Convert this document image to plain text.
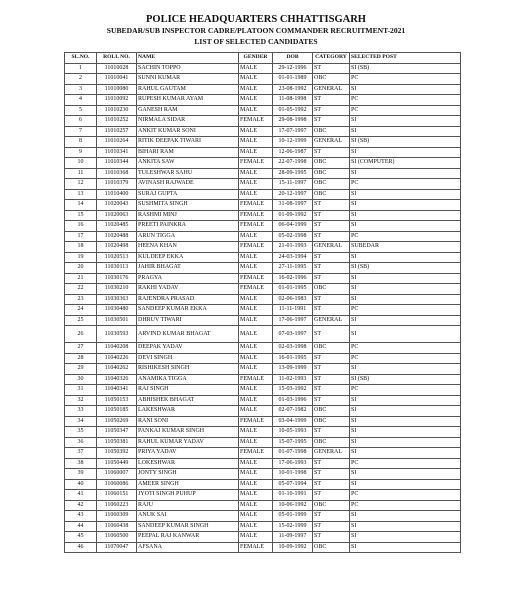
POLICE HEADQUARTERS CHHATTISGARH
SUBEDAR/SUB INSPECTOR CADRE/PLATOON COMMANDER RECRUITMENT-2021
LIST OF SELECTED CANDIDATES
SL.NO.	ROLL NO.	NAME	GENDER	DOB	CATEGORY	SELECTED POST
1	11010028	SACHIN TOPPO	MALE	29-12-1996	ST	SI (SB)
2	11010041	SUNNI KUMAR	MALE	01-01-1989	OBC	PC
3	11010080	RAHUL GAUTAM	MALE	23-08-1992	GENERAL	SI
4	11010092	RUPESH KUMAR AYAM	MALE	11-08-1998	ST	PC
5	11010230	GANESH RAM	MALE	01-05-1992	ST	PC
6	11010252	NIRMALA SIDAR	FEMALE	29-08-1998	ST	SI
7	11010257	ANKIT KUMAR SONI	MALE	17-07-1997	OBC	SI
8	11010264	RITIK DEEPAK TIWARI	MALE	10-12-1999	GENERAL	SI (SB)
9	11010341	BIHARI RAM	MALE	12-06-1987	ST	SI
10	11010344	ANKITA SAW	FEMALE	22-07-1998	OBC	SI (COMPUTER)
11	11010368	TULESHWAR SAHU	MALE	28-09-1995	OBC	SI
12	11010379	AVINASH RAJWADE	MALE	15-11-1997	OBC	PC
13	11010400	SURAJ GUPTA	MALE	20-12-1997	OBC	SI
14	11020043	SUSHMITA SINGH	FEMALE	31-08-1997	ST	SI
15	11020063	RASHMI MINJ	FEMALE	01-09-1992	ST	SI
16	11020485	PREETI PAINKRA	FEMALE	06-04-1999	ST	SI
17	11020488	ARUN TIGGA	MALE	05-02-1998	ST	PC
18	11020498	HEENA KHAN	FEMALE	21-01-1993	GENERAL	SUBEDAR
19	11020513	KULDEEP EKKA	MALE	24-03-1994	ST	SI
20	11030113	JAHIR BHAGAT	MALE	27-11-1995	ST	SI (SB)
21	11030176	PRAGYA	FEMALE	16-02-1996	ST	SI
22	11030210	RAKHI YADAV	FEMALE	01-01-1995	OBC	SI
23	11030363	RAJENDRA PRASAD	MALE	02-06-1983	ST	SI
24	11030480	SANDEEP KUMAR EKKA	MALE	11-11-1991	ST	PC
25	11030501	DHRUV TIWARI	MALE	17-06-1997	GENERAL	SI
26	11030593	ARVIND KUMAR BHAGAT	MALE	07-03-1997	ST	SI
27	11040208	DEEPAK YADAV	MALE	02-03-1998	OBC	PC
28	11040226	DEVI SINGH	MALE	16-01-1995	ST	PC
29	11040262	RISHIKESH SINGH	MALE	13-09-1999	ST	SI
30	11040326	ANAMIKA TIGGA	FEMALE	11-02-1993	ST	SI (SB)
31	11040341	RAJ SINGH	MALE	15-03-1992	ST	PC
32	11050153	ABHISHEK BHAGAT	MALE	01-03-1996	ST	SI
33	11050185	LAKESHWAR	MALE	02-07-1982	OBC	SI
34	11050269	RANI SONI	FEMALE	03-04-1999	OBC	SI
35	11050347	PANKAJ KUMAR SINGH	MALE	10-05-1993	ST	SI
36	11050381	RAHUL KUMAR YADAV	MALE	15-07-1995	OBC	SI
37	11050392	PRIYA YADAV	FEMALE	01-07-1998	GENERAL	SI
38	11050449	LOKESHWAR	MALE	17-06-1993	ST	PC
39	11060007	JONTY SINGH	MALE	10-01-1998	ST	SI
40	11060086	AMEER SINGH	MALE	05-07-1994	ST	SI
41	11060151	JYOTI SINGH PUHUP	MALE	01-10-1991	ST	PC
42	11060223	RAJU	MALE	10-06-1992	OBC	PC
43	11060309	ANUK SAI	MALE	05-01-1999	ST	SI
44	11060438	SANDEEP KUMAR SINGH	MALE	15-02-1999	ST	SI
45	11060500	PEEPAL RAJ KANWAR	MALE	11-09-1997	ST	SI
46	11070047	AFSANA	FEMALE	10-09-1992	OBC	SI
